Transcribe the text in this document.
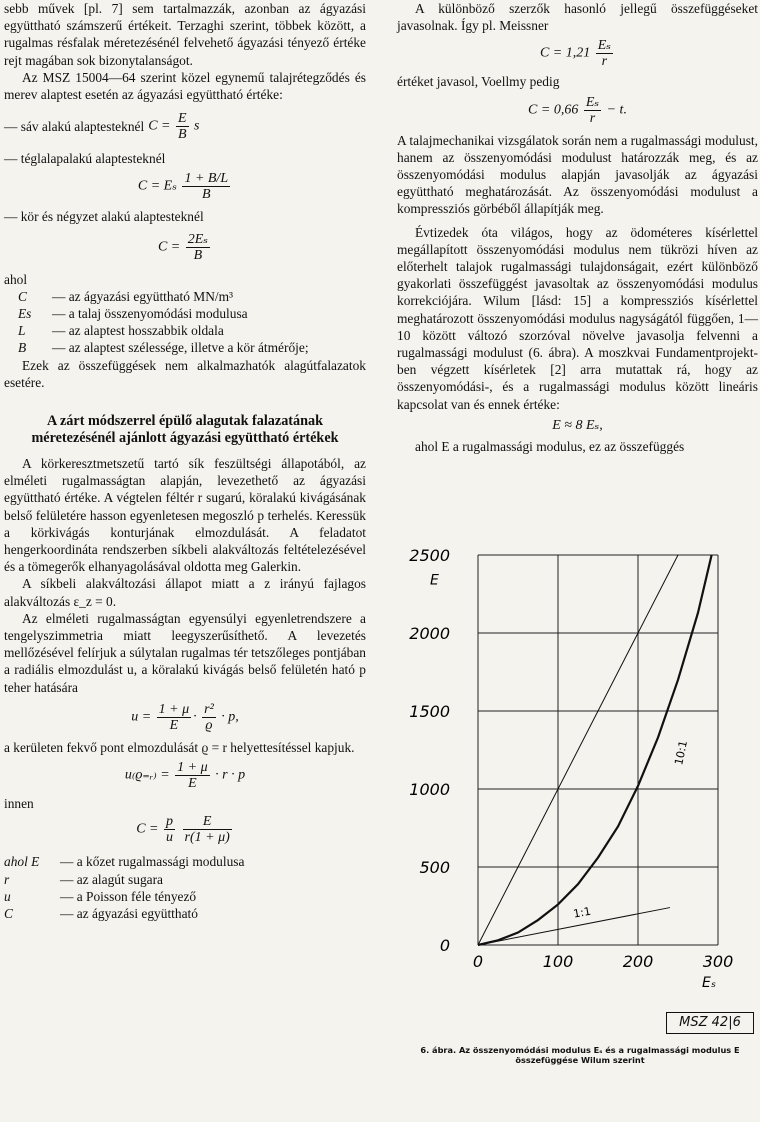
sebb művek [pl. 7] sem tartalmazzák, azonban az ágyazási együttható számszerű értékeit. Terzaghi szerint, többek között, a rugalmas résfalak méretezésénél felvehető ágyazási tényező értéke rejt magában sok bizonytalanságot.

Az MSZ 15004—64 szerint közel egynemű talajrétegződés és merev alaptest esetén az ágyazási együttható értéke:

— sáv alakú alaptesteknél $C = \frac{E}{B}$ s

— téglalapalakú alaptesteknél

C = Eₛ $\frac{1 + B/L}{B}$

— kör és négyzet alakú alaptesteknél

$C = \frac{\text{2Eₛ}}{B}$

ahol

C	— az ágyazási együttható MN/m³
Es	— a talaj összenyomódási modulusa
L	— az alaptest hosszabbik oldala
B	— az alaptest szélessége, illetve a kör átmérője;

Ezek az összefüggések nem alkalmazhatók alagútfalazatok esetére.

A zárt módszerrel épülő alagutak falazatának méretezésénél ajánlott ágyazási együttható értékek

A körkeresztmetszetű tartó sík feszültségi állapotából, az elméleti rugalmasságtan alapján, levezethető az ágyazási együttható értéke. A végtelen féltér r sugarú, köralakú kivágásának belső felületére hasson egyenletesen megoszló p terhelés. Keressük a körkivágás konturjának elmozdulását. A feladatot hengerkoordináta rendszerben síkbeli alakváltozás feltételezésével és a tömegerők elhanyagolásával oldotta meg Galerkin.

A síkbeli alakváltozási állapot miatt a z irányú fajlagos alakváltozás ε_z = 0.

Az elméleti rugalmasságtan egyensúlyi egyenletrendszere a tengelyszimmetria miatt leegyszerűsíthető. A levezetés mellőzésével felírjuk a súlytalan rugalmas tér tetszőleges pontjában a radiális elmozdulást u, a köralakú kivágás belső felületén ható p teher hatására

$u = \frac{1 + \mu}{E} \cdot \frac{\text{r²}}{ϱ} \cdot p$,

a kerületen fekvő pont elmozdulását ϱ = r helyettesítéssel kapjuk.

u₍ϱ₌ᵣ₎ = $\frac{1 + \mu}{E} \cdot r \cdot p$

innen

$C = \frac{p}{u}$
$\frac{E}{r(1 + \mu)}$
ahol E	— a kőzet rugalmassági modulusa
r	— az alagút sugara
u	— a Poisson féle tényező
C	— az ágyazási együttható

A különböző szerzők hasonló jellegű összefüggéseket javasolnak. Így pl. Meissner

$C = 1,21 \frac{\text{Eₛ}}{r}$

értéket javasol, Voellmy pedig

$C = 0,66 \frac{\text{Eₛ}}{r} - t$.

A talajmechanikai vizsgálatok során nem a rugalmassági modulust, hanem az összenyomódási modulust határozzák meg, és az összenyomódási modulus alapján javasolják az ágyazási együttható meghatározását. Az összenyomódási modulust a kompressziós görbéből állapítják meg.

Évtizedek óta világos, hogy az ödométeres kísérlettel megállapított összenyomódási modulus nem tükrözi híven az előterhelt talajok rugalmassági tulajdonságait, ezért különböző gyakorlati összefüggést javasoltak az összenyomódási modulus korrekciójára. Wilum [lásd: 15] a kompressziós kísérlettel meghatározott összenyomódási modulus nagyságától függően, 1—10 között változó szorzóval növelve javasolja felvenni a rugalmassági modulust (6. ábra). A moszkvai Fundamentprojekt-ben végzett kísérletek [2] arra mutattak rá, hogy az összenyomódási-, és a rugalmassági modulus között lineáris kapcsolat van és ennek értéke:

E ≈ 8 Eₛ,

ahol E a rugalmassági modulus, ez az összefüggés

0	100	200	300
0
500
1000
1500
2000
2500
E
Eₛ
1:1
10:1
MSZ 42|6
6. ábra. Az összenyomódási modulus Eₛ és a rugalmassági modulus E összefüggése Wilum szerint
